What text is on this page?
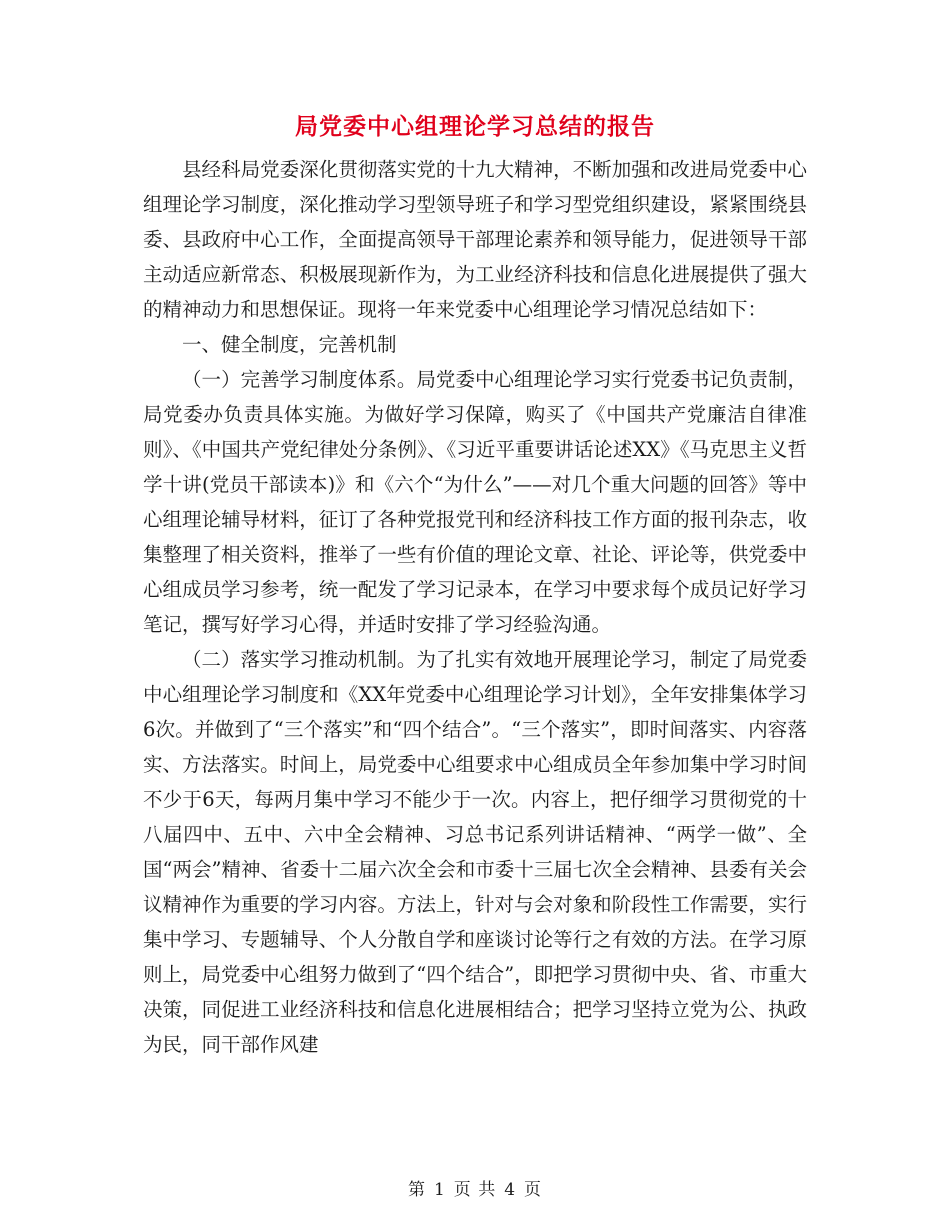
局党委中心组理论学习总结的报告

县经科局党委深化贯彻落实党的十九大精神，不断加强和改进局党委中心组理论学习制度，深化推动学习型领导班子和学习型党组织建设，紧紧围绕县委、县政府中心工作，全面提高领导干部理论素养和领导能力，促进领导干部主动适应新常态、积极展现新作为，为工业经济科技和信息化进展提供了强大的精神动力和思想保证。现将一年来党委中心组理论学习情况总结如下：

一、健全制度，完善机制

（一）完善学习制度体系。局党委中心组理论学习实行党委书记负责制，局党委办负责具体实施。为做好学习保障，购买了《中国共产党廉洁自律准则》、《中国共产党纪律处分条例》、《习近平重要讲话论述XX》《马克思主义哲学十讲(党员干部读本)》和《六个“为什么”——对几个重大问题的回答》等中心组理论辅导材料，征订了各种党报党刊和经济科技工作方面的报刊杂志，收集整理了相关资料，推举了一些有价值的理论文章、社论、评论等，供党委中心组成员学习参考，统一配发了学习记录本，在学习中要求每个成员记好学习笔记，撰写好学习心得，并适时安排了学习经验沟通。

（二）落实学习推动机制。为了扎实有效地开展理论学习，制定了局党委中心组理论学习制度和《XX年党委中心组理论学习计划》，全年安排集体学习6次。并做到了“三个落实”和“四个结合”。“三个落实”，即时间落实、内容落实、方法落实。时间上，局党委中心组要求中心组成员全年参加集中学习时间不少于6天，每两月集中学习不能少于一次。内容上，把仔细学习贯彻党的十八届四中、五中、六中全会精神、习总书记系列讲话精神、“两学一做”、全国“两会”精神、省委十二届六次全会和市委十三届七次全会精神、县委有关会议精神作为重要的学习内容。方法上，针对与会对象和阶段性工作需要，实行集中学习、专题辅导、个人分散自学和座谈讨论等行之有效的方法。在学习原则上，局党委中心组努力做到了“四个结合”，即把学习贯彻中央、省、市重大决策，同促进工业经济科技和信息化进展相结合；把学习坚持立党为公、执政为民，同干部作风建

第 1 页 共 4 页
